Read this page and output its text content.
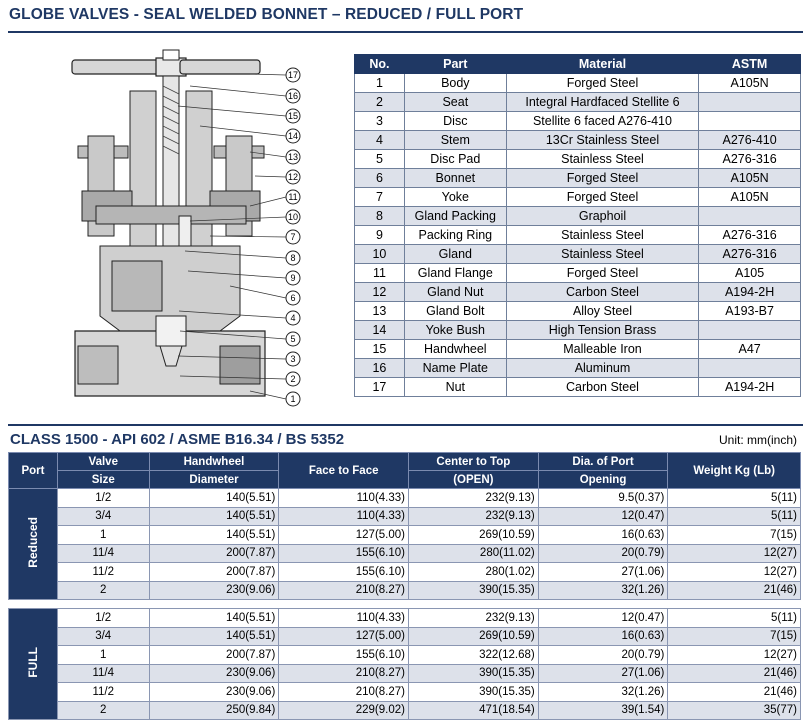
GLOBE VALVES - SEAL WELDED BONNET – REDUCED / FULL PORT
17
16
15
14
13
12
11
10
7
8
9
6
4
5
3
2
1
No.	Part	Material	ASTM
1	Body	Forged Steel	A105N
2	Seat	Integral Hardfaced Stellite 6	
3	Disc	Stellite 6 faced A276-410	
4	Stem	13Cr Stainless Steel	A276-410
5	Disc Pad	Stainless Steel	A276-316
6	Bonnet	Forged Steel	A105N
7	Yoke	Forged Steel	A105N
8	Gland Packing	Graphoil	
9	Packing Ring	Stainless Steel	A276-316
10	Gland	Stainless Steel	A276-316
11	Gland Flange	Forged Steel	A105
12	Gland Nut	Carbon Steel	A194-2H
13	Gland Bolt	Alloy Steel	A193-B7
14	Yoke Bush	High Tension Brass	
15	Handwheel	Malleable Iron	A47
16	Name Plate	Aluminum	
17	Nut	Carbon Steel	A194-2H
CLASS 1500 - API 602 / ASME B16.34 / BS 5352	Unit: mm(inch)
Port	Valve	Handwheel	Face to Face	Center to Top	Dia. of Port	Weight Kg (Lb)
	Size	Diameter		(OPEN)	Opening	
Reduced	1/2	140(5.51)	110(4.33)	232(9.13)	9.5(0.37)	5(11)
	3/4	140(5.51)	110(4.33)	232(9.13)	12(0.47)	5(11)
	1	140(5.51)	127(5.00)	269(10.59)	16(0.63)	7(15)
	11/4	200(7.87)	155(6.10)	280(11.02)	20(0.79)	12(27)
	11/2	200(7.87)	155(6.10)	280(1.02)	27(1.06)	12(27)
	2	230(9.06)	210(8.27)	390(15.35)	32(1.26)	21(46)
FULL	1/2	140(5.51)	110(4.33)	232(9.13)	12(0.47)	5(11)
	3/4	140(5.51)	127(5.00)	269(10.59)	16(0.63)	7(15)
	1	200(7.87)	155(6.10)	322(12.68)	20(0.79)	12(27)
	11/4	230(9.06)	210(8.27)	390(15.35)	27(1.06)	21(46)
	11/2	230(9.06)	210(8.27)	390(15.35)	32(1.26)	21(46)
	2	250(9.84)	229(9.02)	471(18.54)	39(1.54)	35(77)
